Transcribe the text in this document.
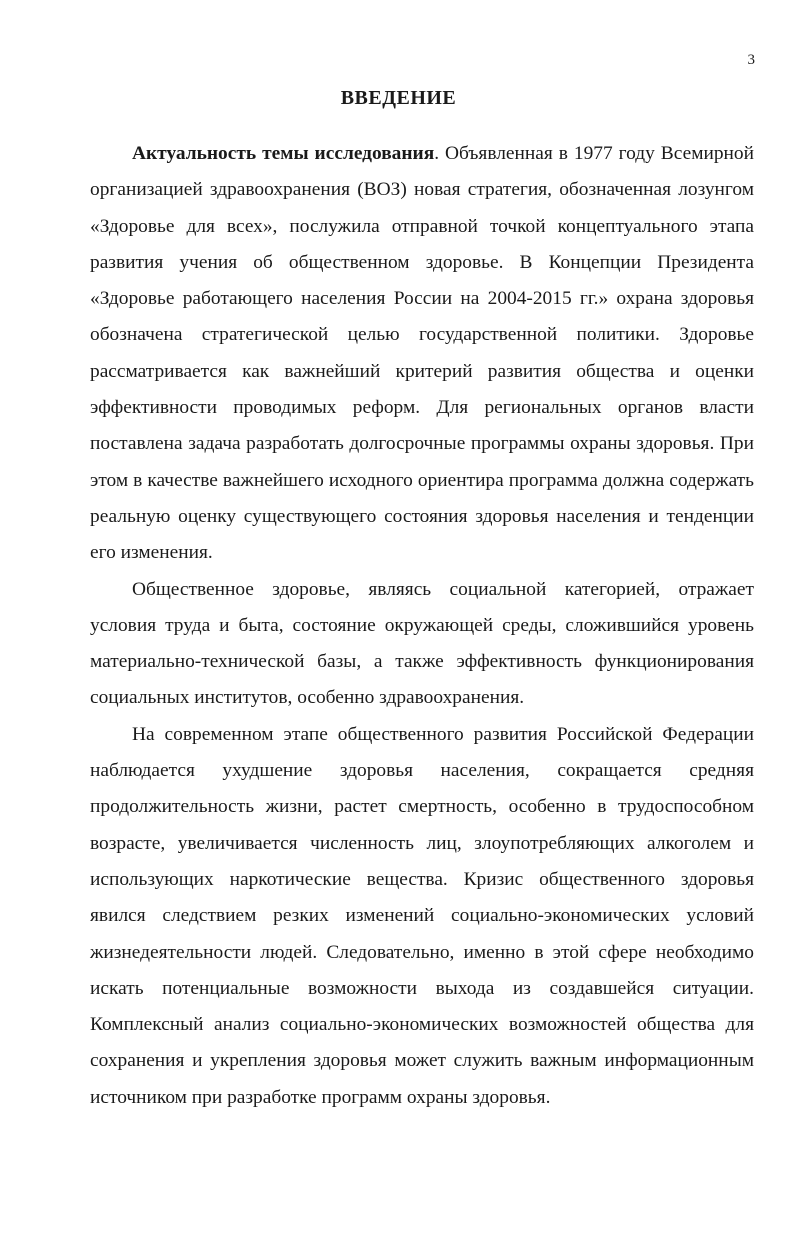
3
ВВЕДЕНИЕ

Актуальность темы исследования. Объявленная в 1977 году Всемирной организацией здравоохранения (ВОЗ) новая стратегия, обозначенная лозунгом «Здоровье для всех», послужила отправной точкой концептуального этапа развития учения об общественном здоровье. В Концепции Президента «Здоровье работающего населения России на 2004-2015 гг.» охрана здоровья обозначена стратегической целью государственной политики. Здоровье рассматривается как важнейший критерий развития общества и оценки эффективности проводимых реформ. Для региональных органов власти поставлена задача разработать долгосрочные программы охраны здоровья. При этом в качестве важнейшего исходного ориентира программа должна содержать реальную оценку существующего состояния здоровья населения и тенденции его изменения.

Общественное здоровье, являясь социальной категорией, отражает условия труда и быта, состояние окружающей среды, сложившийся уровень материально-технической базы, а также эффективность функционирования социальных институтов, особенно здравоохранения.

На современном этапе общественного развития Российской Федерации наблюдается ухудшение здоровья населения, сокращается средняя продолжительность жизни, растет смертность, особенно в трудоспособном возрасте, увеличивается численность лиц, злоупотребляющих алкоголем и использующих наркотические вещества. Кризис общественного здоровья явился следствием резких изменений социально-экономических условий жизнедеятельности людей. Следовательно, именно в этой сфере необходимо искать потенциальные возможности выхода из создавшейся ситуации. Комплексный анализ социально-экономических возможностей общества для сохранения и укрепления здоровья может служить важным информационным источником при разработке программ охраны здоровья.
